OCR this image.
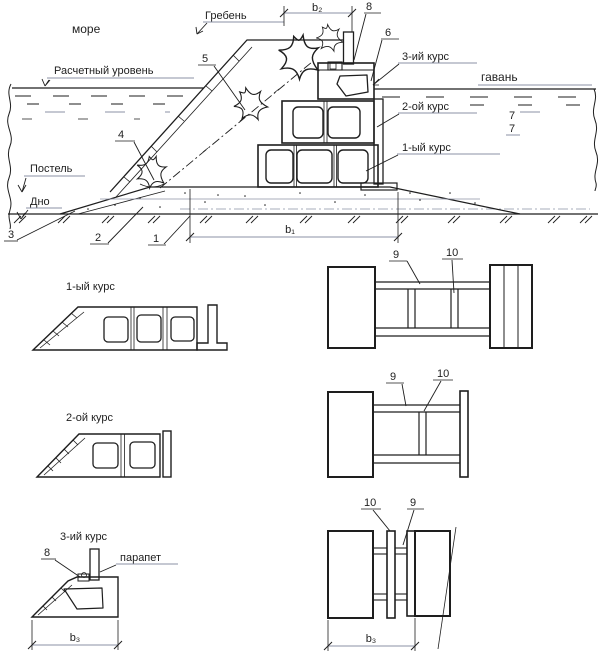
море
гавань
7
7
Гребень
Расчетный уровень
Постель
Дно
8
6
5
4
3-ий курс
2-ой курс
1-ый курс
3	2	1
b₂
b₁
1-ый курс
9	10
2-ой курс
9	10
3-ий курс
8	парапет
b₃
10	9
b₃
